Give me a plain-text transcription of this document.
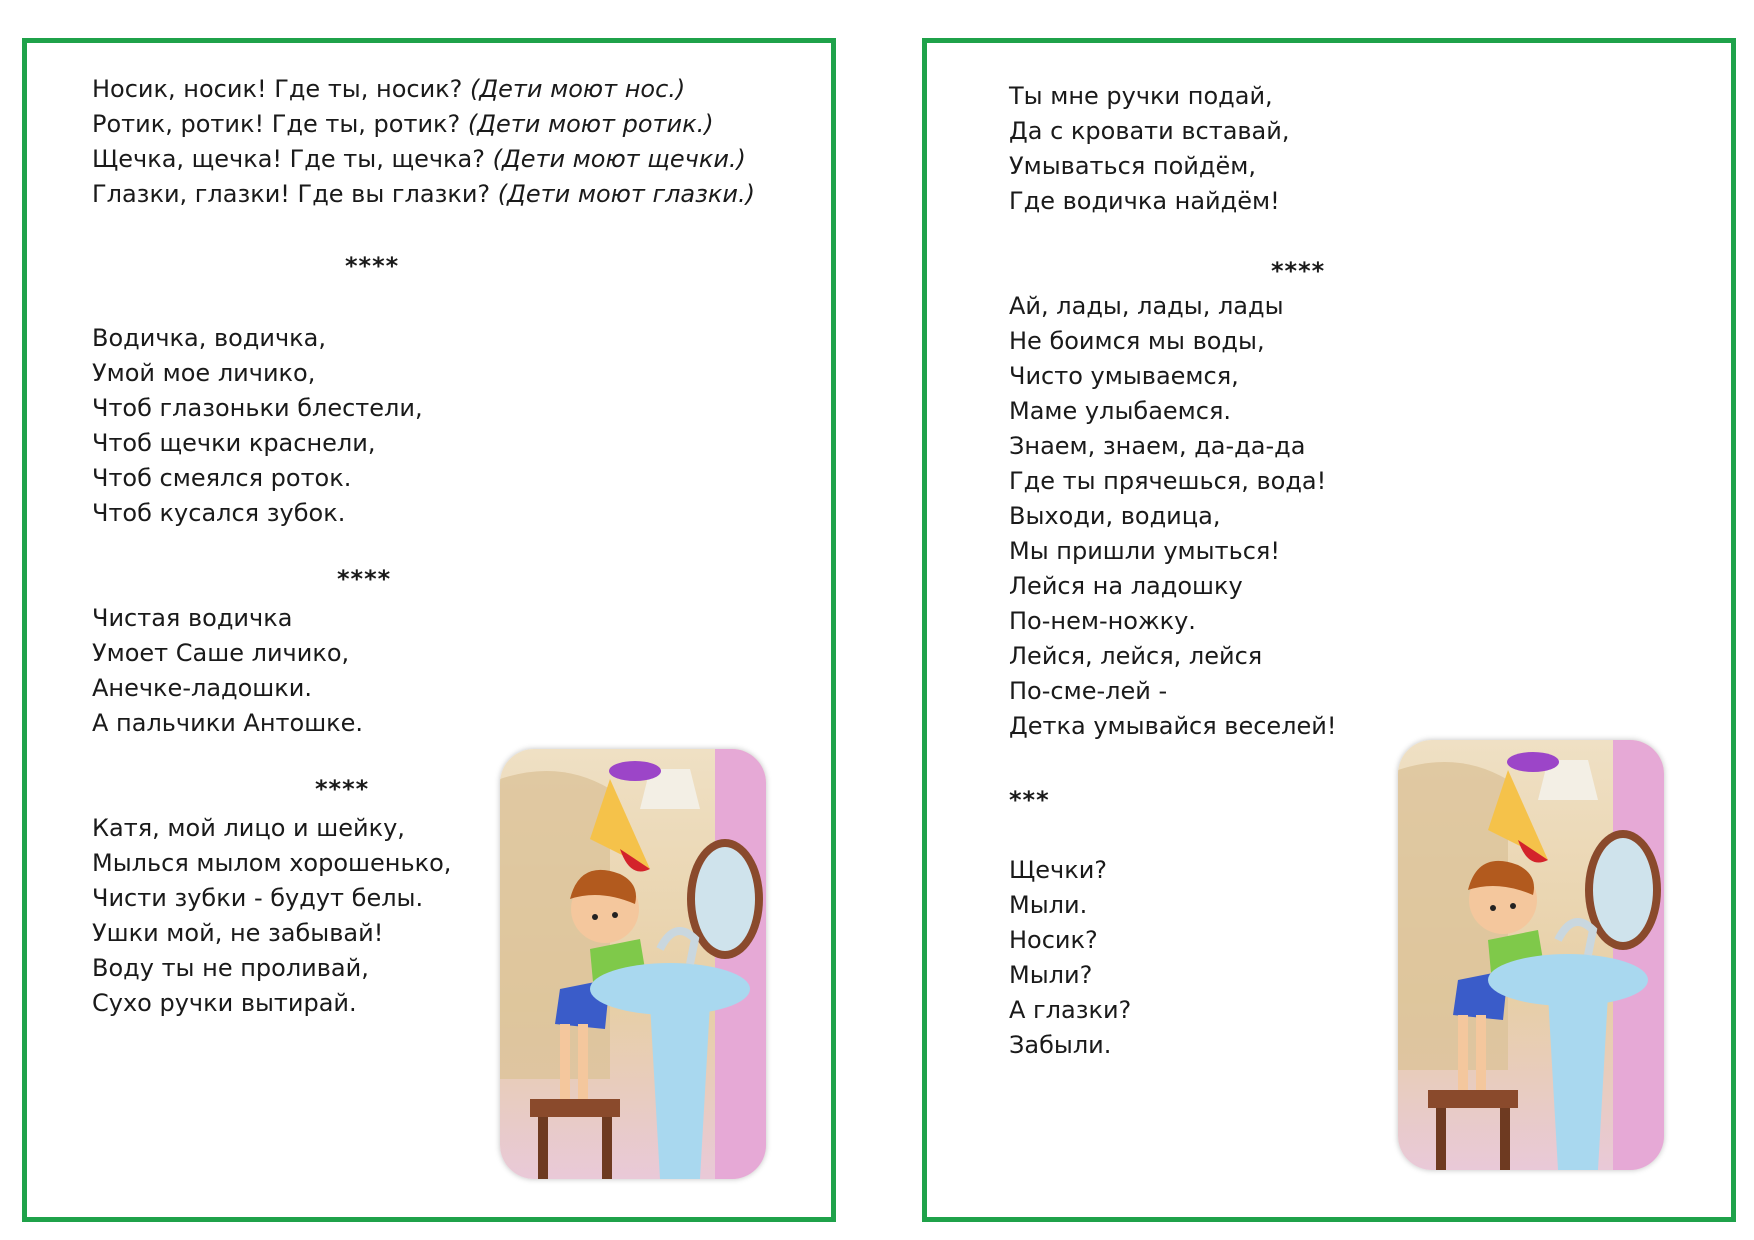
Носик, носик! Где ты, носик? (Дети моют нос.)
Ротик, ротик! Где ты, ротик? (Дети моют ротик.)
Щечка, щечка! Где ты, щечка? (Дети моют щечки.)
Глазки, глазки! Где вы глазки? (Дети моют глазки.)
****
Водичка, водичка,
Умой мое личико,
Чтоб глазоньки блестели,
Чтоб щечки краснели,
Чтоб смеялся роток.
Чтоб кусался зубок.
****
Чистая водичка
Умоет Саше личико,
Анечке-ладошки.
А пальчики Антошке.
****
Катя, мой лицо и шейку,
Мылься мылом хорошенько,
Чисти зубки - будут белы.
Ушки мой, не забывай!
Воду ты не проливай,
Сухо ручки вытирай.
Ты мне ручки подай,
Да с кровати вставай,
Умываться пойдём,
Где водичка найдём!
****
Ай, лады, лады, лады
Не боимся мы воды,
Чисто умываемся,
Маме улыбаемся.
Знаем, знаем, да-да-да
Где ты прячешься, вода!
Выходи, водица,
Мы пришли умыться!
Лейся на ладошку
По-нем-ножку.
Лейся, лейся, лейся
По-сме-лей -
Детка умывайся веселей!
***
Щечки?
Мыли.
Носик?
Мыли?
А глазки?
Забыли.
